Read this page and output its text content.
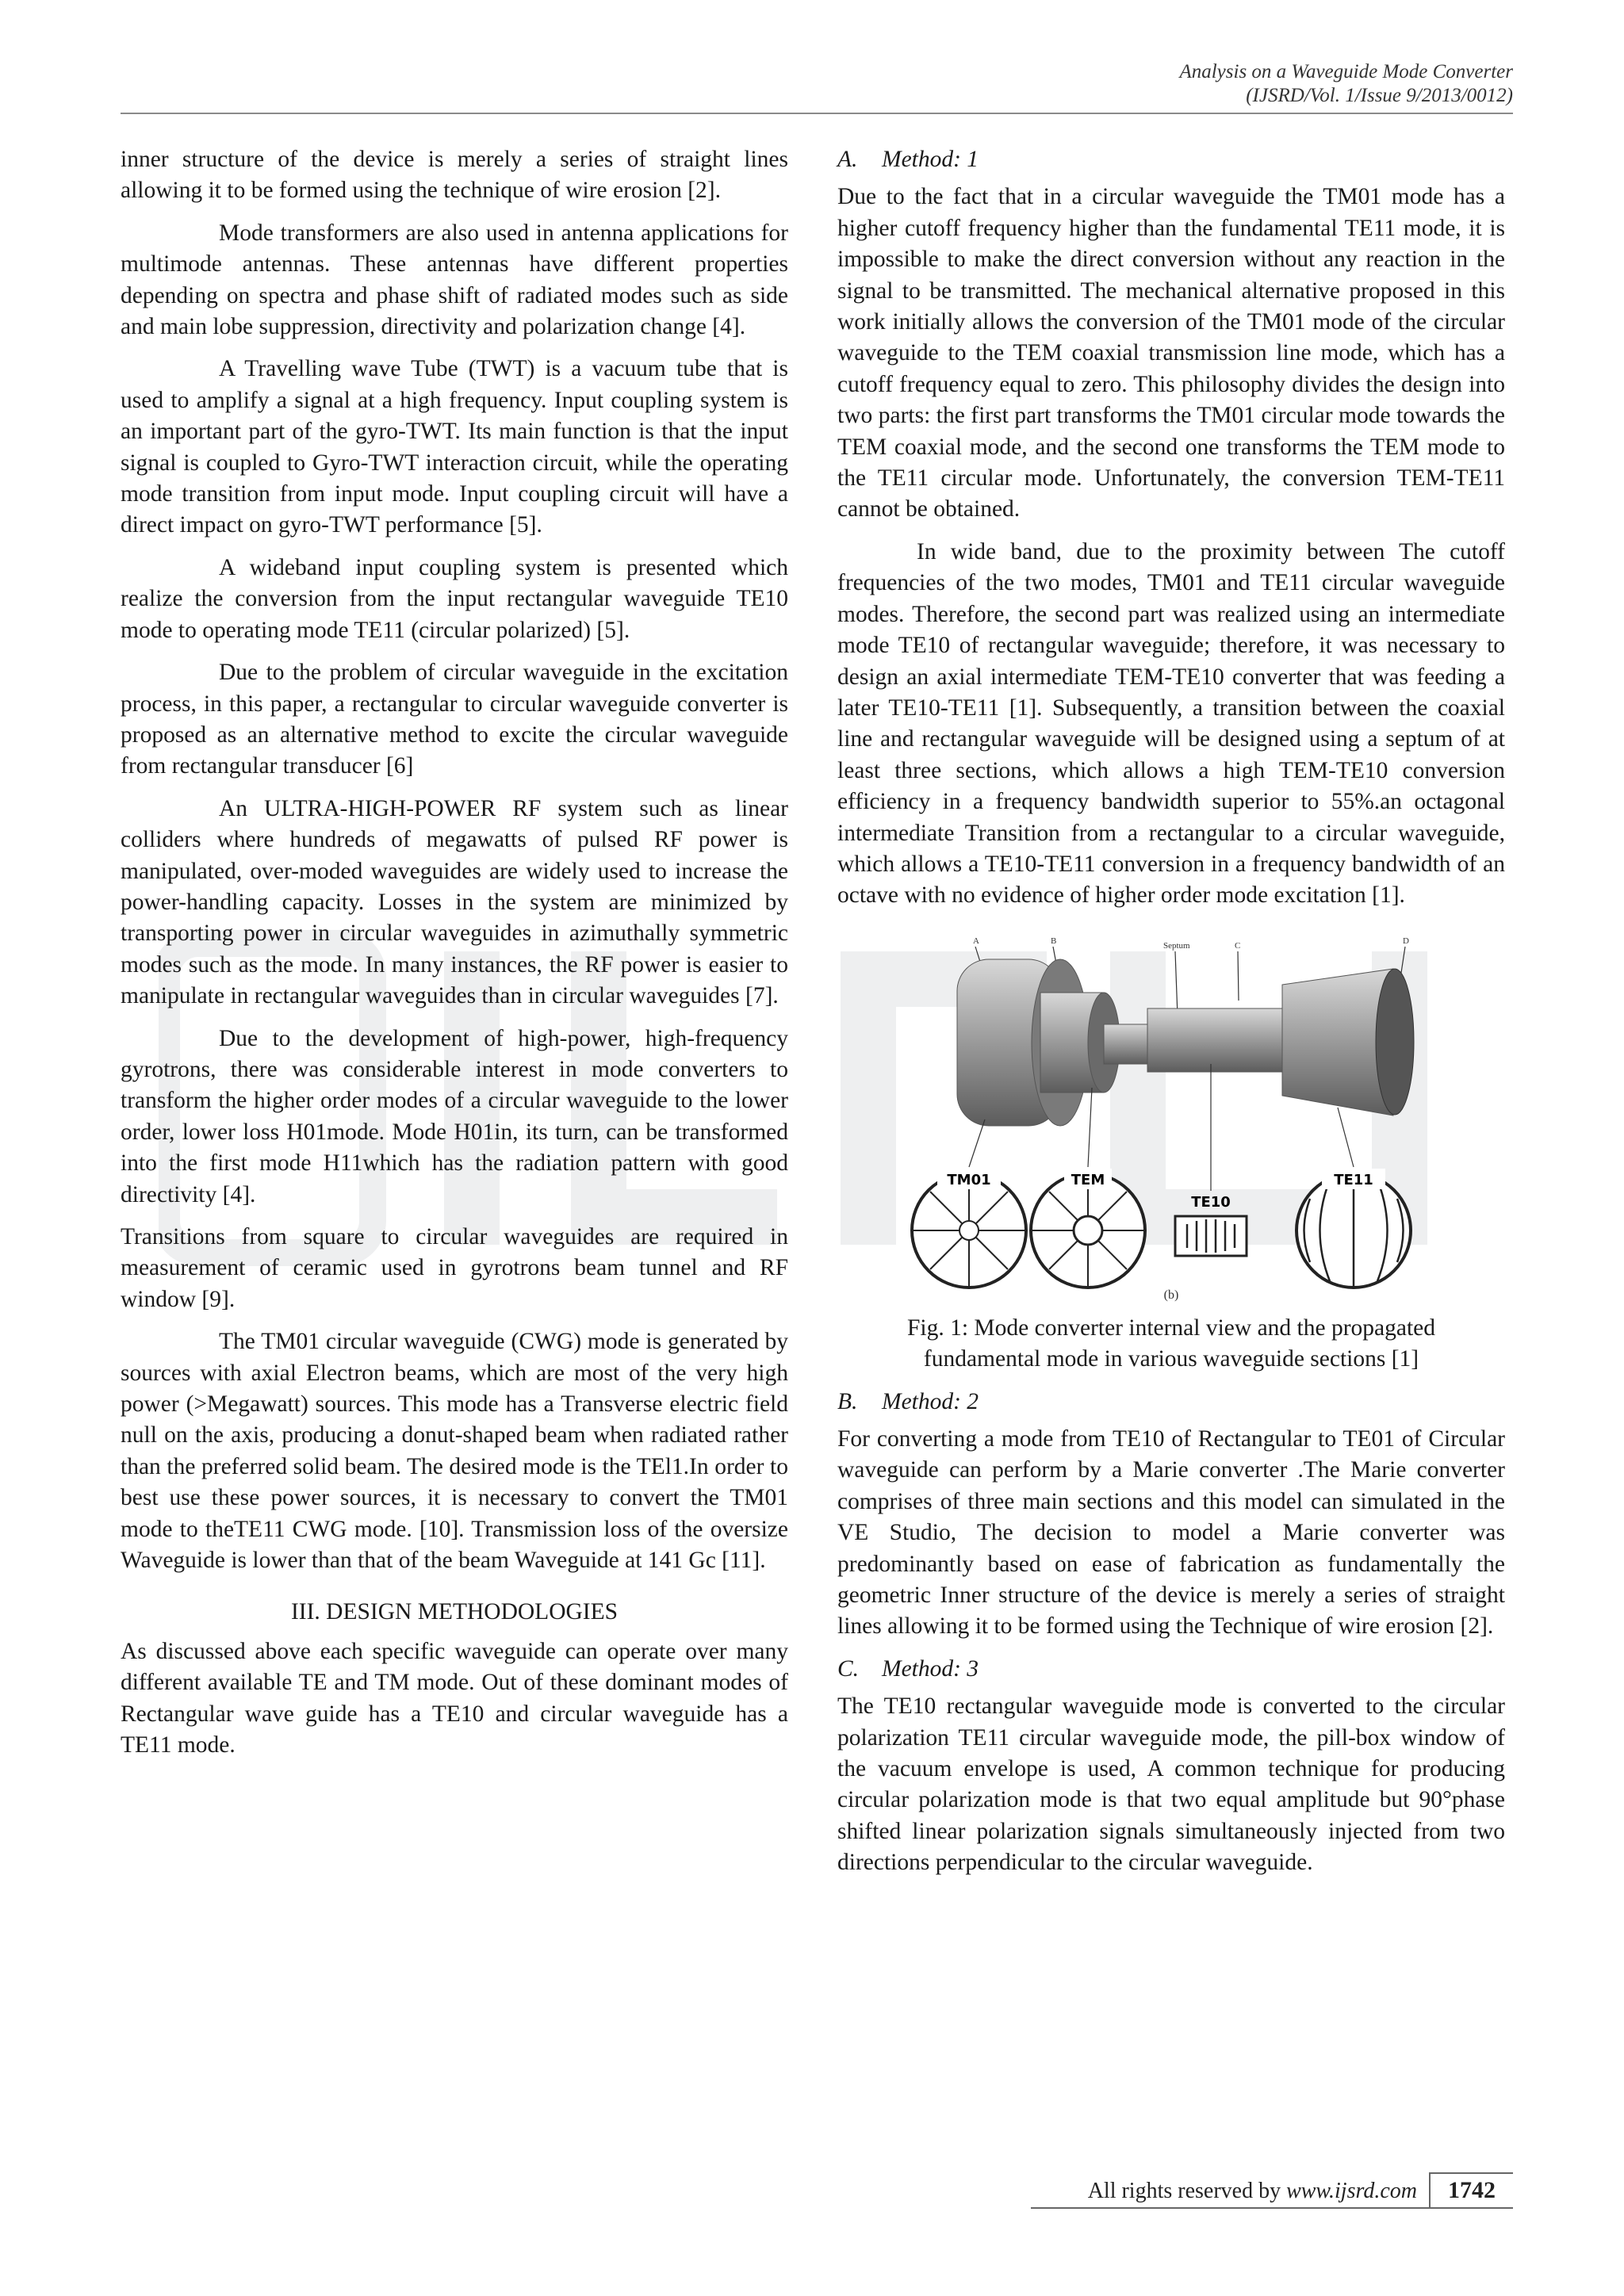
Analysis on a Waveguide Mode Converter
(IJSRD/Vol. 1/Issue 9/2013/0012)

inner structure of the device is merely a series of straight lines allowing it to be formed using the technique of wire erosion [2].

Mode transformers are also used in antenna applications for multimode antennas. These antennas have different properties depending on spectra and phase shift of radiated modes such as side and main lobe suppression, directivity and polarization change [4].

A Travelling wave Tube (TWT) is a vacuum tube that is used to amplify a signal at a high frequency. Input coupling system is an important part of the gyro-TWT. Its main function is that the input signal is coupled to Gyro-TWT interaction circuit, while the operating mode transition from input mode. Input coupling circuit will have a direct impact on gyro-TWT performance [5].

A wideband input coupling system is presented which realize the conversion from the input rectangular waveguide TE10 mode to operating mode TE11 (circular polarized) [5].

Due to the problem of circular waveguide in the excitation process, in this paper, a rectangular to circular waveguide converter is proposed as an alternative method to excite the circular waveguide from rectangular transducer [6]

An ULTRA-HIGH-POWER RF system such as linear colliders where hundreds of megawatts of pulsed RF power is manipulated, over-moded waveguides are widely used to increase the power-handling capacity. Losses in the system are minimized by transporting power in circular waveguides in azimuthally symmetric modes such as the mode. In many instances, the RF power is easier to manipulate in rectangular waveguides than in circular waveguides [7].

Due to the development of high-power, high-frequency gyrotrons, there was considerable interest in mode converters to transform the higher order modes of a circular waveguide to the lower order, lower loss H01mode. Mode H01in, its turn, can be transformed into the first mode H11which has the radiation pattern with good directivity [4].

Transitions from square to circular waveguides are required in measurement of ceramic used in gyrotrons beam tunnel and RF window [9].

The TM01 circular waveguide (CWG) mode is generated by sources with axial Electron beams, which are most of the very high power (>Megawatt) sources. This mode has a Transverse electric field null on the axis, producing a donut-shaped beam when radiated rather than the preferred solid beam. The desired mode is the TEl1.In order to best use these power sources, it is necessary to convert the TM01 mode to theTE11 CWG mode. [10]. Transmission loss of the oversize Waveguide is lower than that of the beam Waveguide at 141 Gc [11].

III. DESIGN METHODOLOGIES

As discussed above each specific waveguide can operate over many different available TE and TM mode. Out of these dominant modes of Rectangular wave guide has a TE10 and circular waveguide has a TE11 mode.

A. Method: 1

Due to the fact that in a circular waveguide the TM01 mode has a higher cutoff frequency higher than the fundamental TE11 mode, it is impossible to make the direct conversion without any reaction in the signal to be transmitted. The mechanical alternative proposed in this work initially allows the conversion of the TM01 mode of the circular waveguide to the TEM coaxial transmission line mode, which has a cutoff frequency equal to zero. This philosophy divides the design into two parts: the first part transforms the TM01 circular mode towards the TEM coaxial mode, and the second one transforms the TEM mode to the TE11 circular mode. Unfortunately, the conversion TEM-TE11 cannot be obtained.

In wide band, due to the proximity between The cutoff frequencies of the two modes, TM01 and TE11 circular waveguide modes. Therefore, the second part was realized using an intermediate mode TE10 of rectangular waveguide; therefore, it was necessary to design an axial intermediate TEM-TE10 converter that was feeding a later TE10-TE11 [1]. Subsequently, a transition between the coaxial line and rectangular waveguide will be designed using a septum of at least three sections, which allows a high TEM-TE10 conversion efficiency in a frequency bandwidth superior to 55%.an octagonal intermediate Transition from a rectangular to a circular waveguide, which allows a TE10-TE11 conversion in a frequency bandwidth of an octave with no evidence of higher order mode excitation [1].

A	B	Septum	C	D
TM01	TEM
TE10
TE11
(b)
Fig. 1: Mode converter internal view and the propagated fundamental mode in various waveguide sections [1]
B. Method: 2

For converting a mode from TE10 of Rectangular to TE01 of Circular waveguide can perform by a Marie converter .The Marie converter comprises of three main sections and this model can simulated in the VE Studio, The decision to model a Marie converter was predominantly based on ease of fabrication as fundamentally the geometric Inner structure of the device is merely a series of straight lines allowing it to be formed using the Technique of wire erosion [2].

C. Method: 3

The TE10 rectangular waveguide mode is converted to the circular polarization TE11 circular waveguide mode, the pill-box window of the vacuum envelope is used, A common technique for producing circular polarization mode is that two equal amplitude but 90°phase shifted linear polarization signals simultaneously injected from two directions perpendicular to the circular waveguide.

All rights reserved by www.ijsrd.com 1742
